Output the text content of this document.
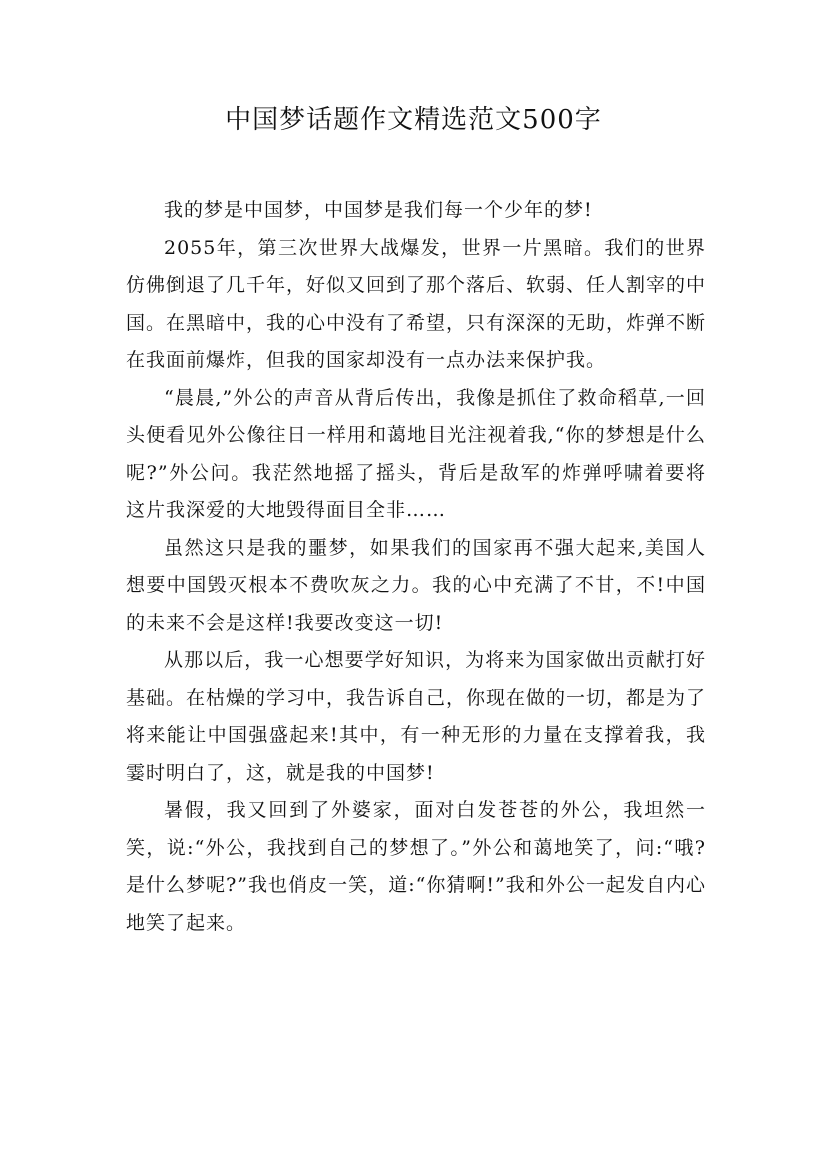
中国梦话题作文精选范文500字

我的梦是中国梦，中国梦是我们每一个少年的梦!

2055年，第三次世界大战爆发，世界一片黑暗。我们的世界仿佛倒退了几千年，好似又回到了那个落后、软弱、任人割宰的中国。在黑暗中，我的心中没有了希望，只有深深的无助，炸弹不断在我面前爆炸，但我的国家却没有一点办法来保护我。

“晨晨,”外公的声音从背后传出，我像是抓住了救命稻草,一回头便看见外公像往日一样用和蔼地目光注视着我,“你的梦想是什么呢?”外公问。我茫然地摇了摇头，背后是敌军的炸弹呼啸着要将这片我深爱的大地毁得面目全非……

虽然这只是我的噩梦，如果我们的国家再不强大起来,美国人想要中国毁灭根本不费吹灰之力。我的心中充满了不甘，不!中国的未来不会是这样!我要改变这一切!

从那以后，我一心想要学好知识，为将来为国家做出贡献打好基础。在枯燥的学习中，我告诉自己，你现在做的一切，都是为了将来能让中国强盛起来!其中，有一种无形的力量在支撑着我，我霎时明白了，这，就是我的中国梦!

暑假，我又回到了外婆家，面对白发苍苍的外公，我坦然一笑，说:“外公，我找到自己的梦想了。”外公和蔼地笑了，问:“哦?是什么梦呢?”我也俏皮一笑，道:“你猜啊!”我和外公一起发自内心地笑了起来。
